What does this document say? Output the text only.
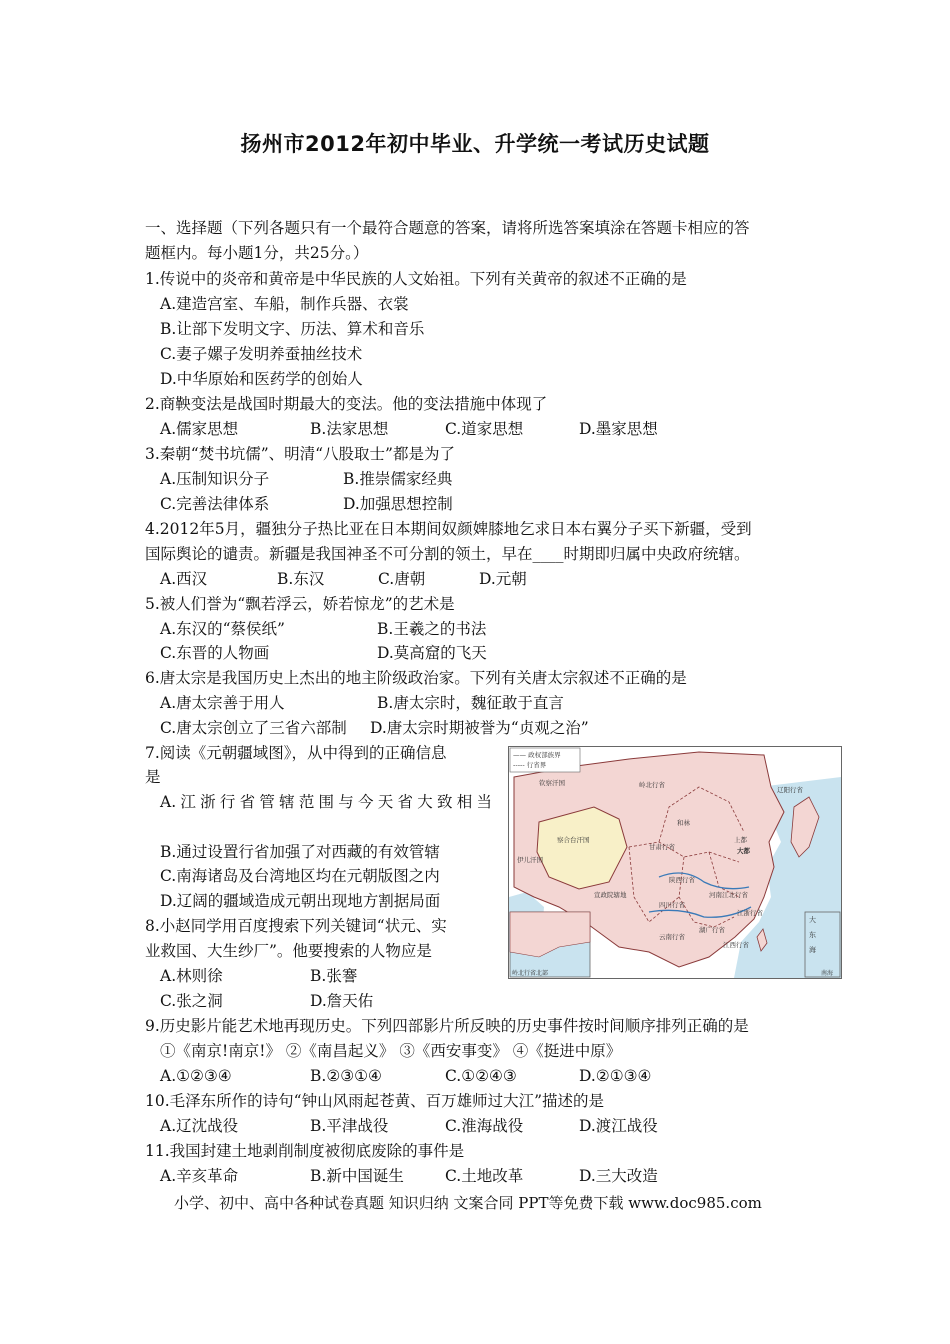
扬州市2012年初中毕业、升学统一考试历史试题
一、选择题（下列各题只有一个最符合题意的答案，请将所选答案填涂在答题卡相应的答
题框内。每小题1分，共25分。）
1.传说中的炎帝和黄帝是中华民族的人文始祖。下列有关黄帝的叙述不正确的是
A.建造宫室、车船，制作兵器、衣裳
B.让部下发明文字、历法、算术和音乐
C.妻子嫘子发明养蚕抽丝技术
D.中华原始和医药学的创始人
2.商鞅变法是战国时期最大的变法。他的变法措施中体现了
A.儒家思想	B.法家思想	C.道家思想	D.墨家思想
3.秦朝“焚书坑儒”、明清“八股取士”都是为了
A.压制知识分子	B.推崇儒家经典
C.完善法律体系	D.加强思想控制
4.2012年5月，疆独分子热比亚在日本期间奴颜婢膝地乞求日本右翼分子买下新疆，受到
国际舆论的谴责。新疆是我国神圣不可分割的领土，早在____时期即归属中央政府统辖。
A.西汉	B.东汉	C.唐朝	D.元朝
5.被人们誉为“飘若浮云，娇若惊龙”的艺术是
A.东汉的“蔡侯纸”	B.王羲之的书法
C.东晋的人物画	D.莫高窟的飞天
6.唐太宗是我国历史上杰出的地主阶级政治家。下列有关唐太宗叙述不正确的是
A.唐太宗善于用人	B.唐太宗时，魏征敢于直言
C.唐太宗创立了三省六部制 D.唐太宗时期被誉为“贞观之治”
7.阅读《元朝疆域图》，从中得到的正确信息
是
A.江浙行省管辖范围与今天省大致相当
B.通过设置行省加强了对西藏的有效管辖
C.南海诸岛及台湾地区均在元朝版图之内
D.辽阔的疆域造成元朝出现地方割据局面
—— 政权部族界
----- 行省界
钦察汗国
察合台汗国
伊儿汗国
岭北行省
辽阳行省
和林
上都
大都
甘肃行省
陕西行省
河南江北行省
四川行省
宣政院辖地
云南行省
湖广行省
江浙行省
江西行省
岭北行省北部	南海
大
东
海
8.小赵同学用百度搜索下列关键词“状元、实
业救国、大生纱厂”。他要搜索的人物应是
A.林则徐	B.张謇
C.张之洞	D.詹天佑
9.历史影片能艺术地再现历史。下列四部影片所反映的历史事件按时间顺序排列正确的是
①《南京!南京!》 ②《南昌起义》 ③《西安事变》 ④《挺进中原》
A.①②③④	B.②③①④	C.①②④③	D.②①③④
10.毛泽东所作的诗句“钟山风雨起苍黄、百万雄师过大江”描述的是
A.辽沈战役	B.平津战役	C.淮海战役	D.渡江战役
11.我国封建土地剥削制度被彻底废除的事件是
A.辛亥革命	B.新中国诞生	C.土地改革	D.三大改造
小学、初中、高中各种试卷真题 知识归纳 文案合同 PPT等免费下载 www.doc985.com
